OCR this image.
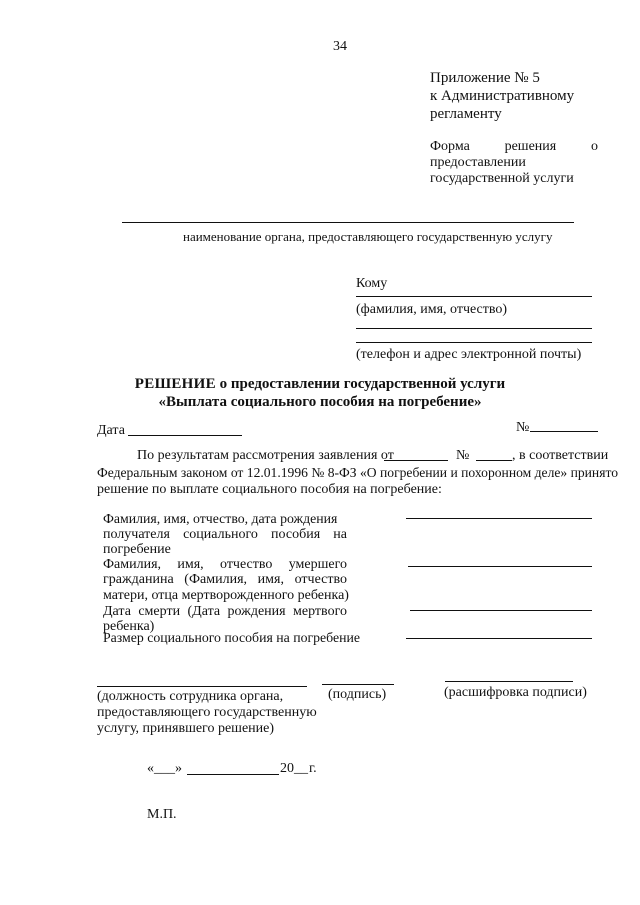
34
Приложение № 5
к Административному
регламенту
Форма решения о
предоставлении
государственной услуги
наименование органа, предоставляющего государственную услугу
Кому
(фамилия, имя, отчество)
(телефон и адрес электронной почты)
РЕШЕНИЕ о предоставлении государственной услуги
«Выплата социального пособия на погребение»
Дата	№
По результатам рассмотрения заявления от	№	, в соответствии
Федеральным законом от 12.01.1996 № 8-ФЗ «О погребении и похоронном деле» принято
решение по выплате социального пособия на погребение:
Фамилия, имя, отчество, дата рождения
получателя социального пособия на
погребение
Фамилия, имя, отчество умершего
гражданина (Фамилия, имя, отчество
матери, отца мертворожденного ребенка)
Дата смерти (Дата рождения мертвого
ребенка)
Размер социального пособия на погребение
(должность сотрудника органа,
предоставляющего государственную
услугу, принявшего решение)
(подпись)	(расшифровка подписи)
«___»	20__ г.
М.П.
